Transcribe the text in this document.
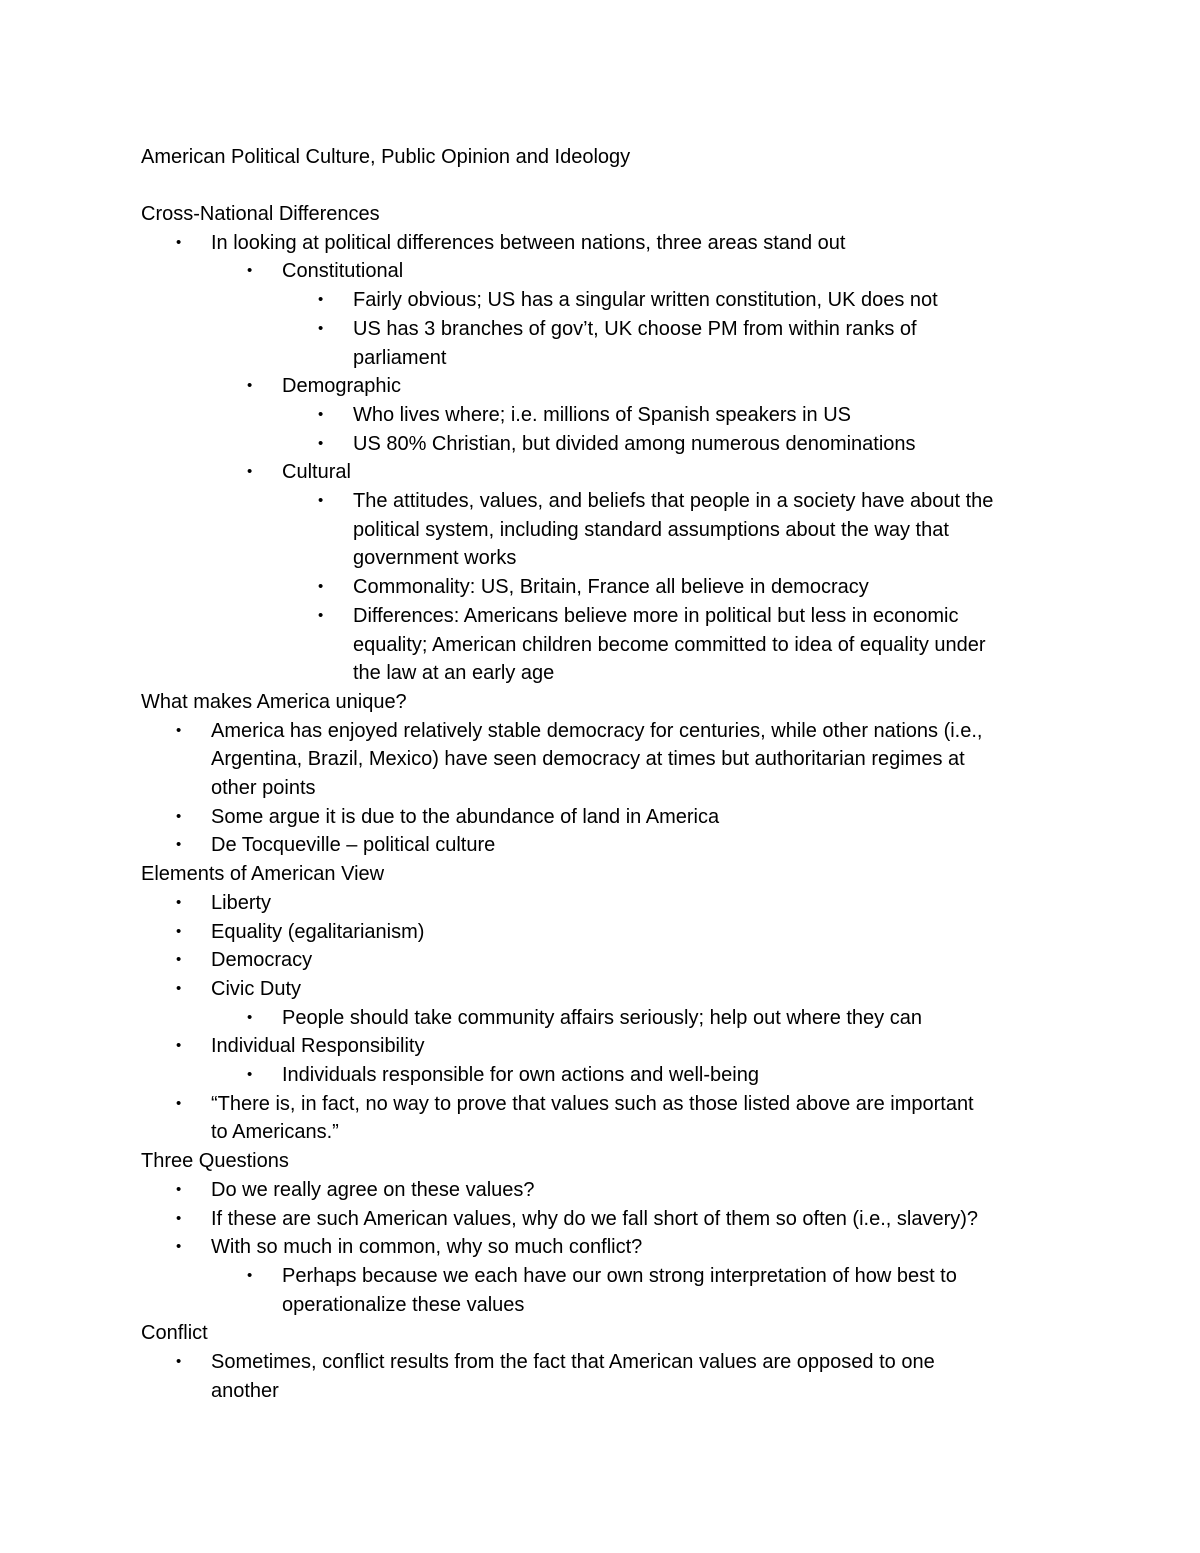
American Political Culture, Public Opinion and Ideology
Cross-National Differences
• In looking at political differences between nations, three areas stand out
• Constitutional
• Fairly obvious; US has a singular written constitution, UK does not
• US has 3 branches of gov’t, UK choose PM from within ranks of
parliament
• Demographic
• Who lives where; i.e. millions of Spanish speakers in US
• US 80% Christian, but divided among numerous denominations
• Cultural
• The attitudes, values, and beliefs that people in a society have about the
political system, including standard assumptions about the way that
government works
• Commonality: US, Britain, France all believe in democracy
• Differences: Americans believe more in political but less in economic
equality; American children become committed to idea of equality under
the law at an early age
What makes America unique?
• America has enjoyed relatively stable democracy for centuries, while other nations (i.e.,
Argentina, Brazil, Mexico) have seen democracy at times but authoritarian regimes at
other points
• Some argue it is due to the abundance of land in America
• De Tocqueville – political culture
Elements of American View
• Liberty
• Equality (egalitarianism)
• Democracy
• Civic Duty
• People should take community affairs seriously; help out where they can
• Individual Responsibility
• Individuals responsible for own actions and well-being
• “There is, in fact, no way to prove that values such as those listed above are important
to Americans.”
Three Questions
• Do we really agree on these values?
• If these are such American values, why do we fall short of them so often (i.e., slavery)?
• With so much in common, why so much conflict?
• Perhaps because we each have our own strong interpretation of how best to
operationalize these values
Conflict
• Sometimes, conflict results from the fact that American values are opposed to one
another
